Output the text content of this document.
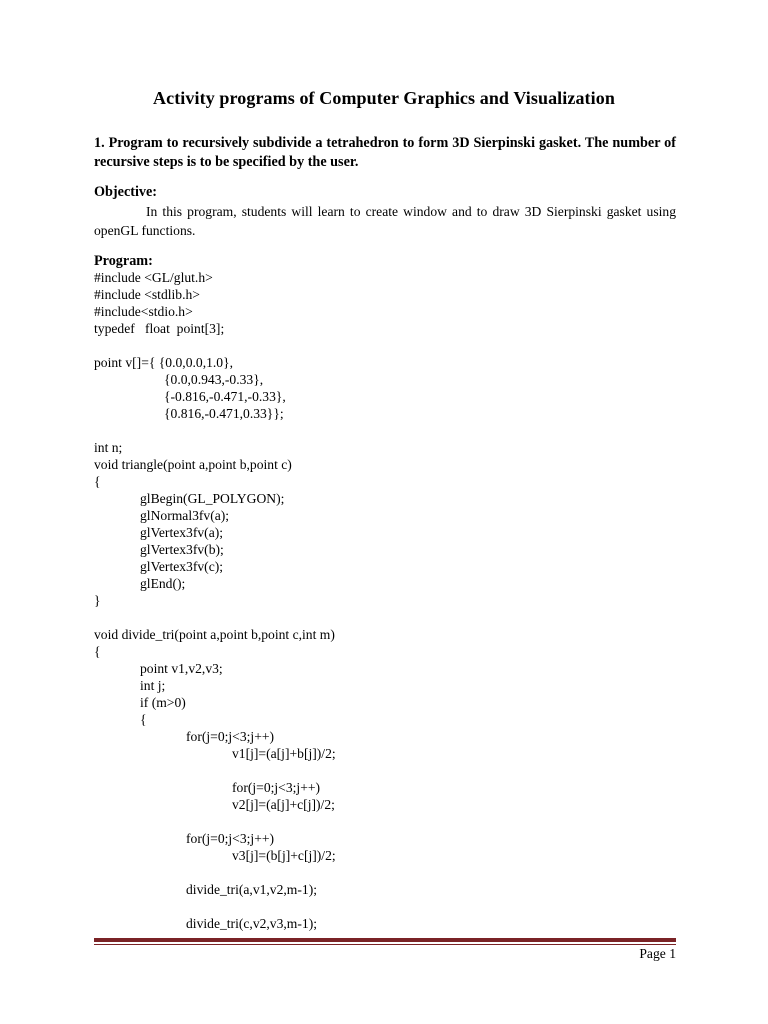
Activity programs of Computer Graphics and Visualization
1. Program to recursively subdivide a tetrahedron to form 3D Sierpinski gasket. The number of recursive steps is to be specified by the user.
Objective:
In this program, students will learn to create window and to draw 3D Sierpinski gasket using openGL functions.
Program:
#include <GL/glut.h>
#include <stdlib.h>
#include<stdio.h>
typedef   float  point[3];
point v[]={ {0.0,0.0,1.0},
{0.0,0.943,-0.33},
{-0.816,-0.471,-0.33},
{0.816,-0.471,0.33}};
int n;
void triangle(point a,point b,point c)
{
glBegin(GL_POLYGON);
glNormal3fv(a);
glVertex3fv(a);
glVertex3fv(b);
glVertex3fv(c);
glEnd();
}
void divide_tri(point a,point b,point c,int m)
{
point v1,v2,v3;
int j;
if (m>0)
{
for(j=0;j<3;j++)
v1[j]=(a[j]+b[j])/2;
for(j=0;j<3;j++)
v2[j]=(a[j]+c[j])/2;
for(j=0;j<3;j++)
v3[j]=(b[j]+c[j])/2;
divide_tri(a,v1,v2,m-1);
divide_tri(c,v2,v3,m-1);
Page 1
